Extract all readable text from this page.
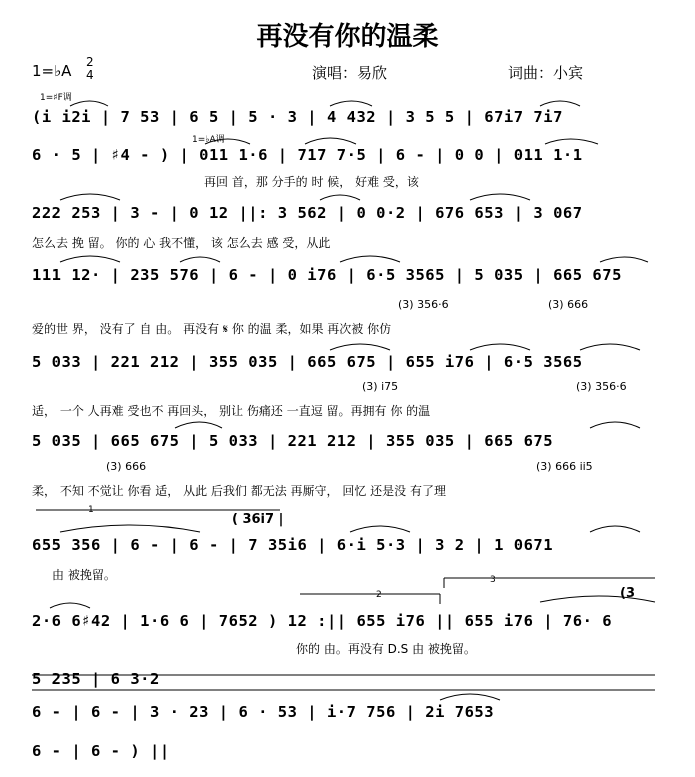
再没有你的温柔
1=♭A 2
4	演唱：易欣	词曲：小宾
1=♯F调
1=♭A调
(i i2i | 7 53 | 6 5 | 5 · 3 | 4 432 | 3 5 5 | 67i7 7i7
6 · 5 | ♯4 - ) | 011 1·6 | 717 7·5 | 6 - | 0 0 | 011 1·1
222 253 | 3 - | 0 12 ||: 3 562 | 0 0·2 | 676 653 | 3 067
111 12· | 235 576 | 6 - | 0 i76 | 6·5 3565 | 5 035 | 665 675
5 033 | 221 212 | 355 035 | 665 675 | 655 i76 | 6·5 3565
5 035 | 665 675 | 5 033 | 221 212 | 355 035 | 665 675
655 356 | 6 - | 6 - | 7 35i6 | 6·i 5·3 | 3 2 | 1 0671
2·6 6♯42 | 1·6 6 | 7652 ) 12 :|| 655 i76 || 655 i76 | 76· 6
5 235 | 6 3·2
6 - | 6 - | 3 · 23 | 6 · 53 | i·7 756 | 2i 7653
6 - | 6 - ) ||
再回 首，那 分手的 时 候， 好难 受，该
怎么去 挽 留。 你的 心 我不懂， 该 怎么去 感 受，从此
爱的世 界， 没有了 自 由。 再没有 𝄋 你 的温 柔，如果 再次被 你仿
适， 一个 人再难 受也不 再回头， 别让 伤痛还 一直逗 留。再拥有 你 的温
柔， 不知 不觉让 你看 适， 从此 后我们 都无法 再厮守， 回忆 还是没 有了理
由 被挽留。
你的 由。再没有 D.S 由 被挽留。
(3) 356·6	(3) 666
(3) i75	(3) 356·6
(3) 666	(3) 666 ii5
( 36i7 |
(3
1
2
3
